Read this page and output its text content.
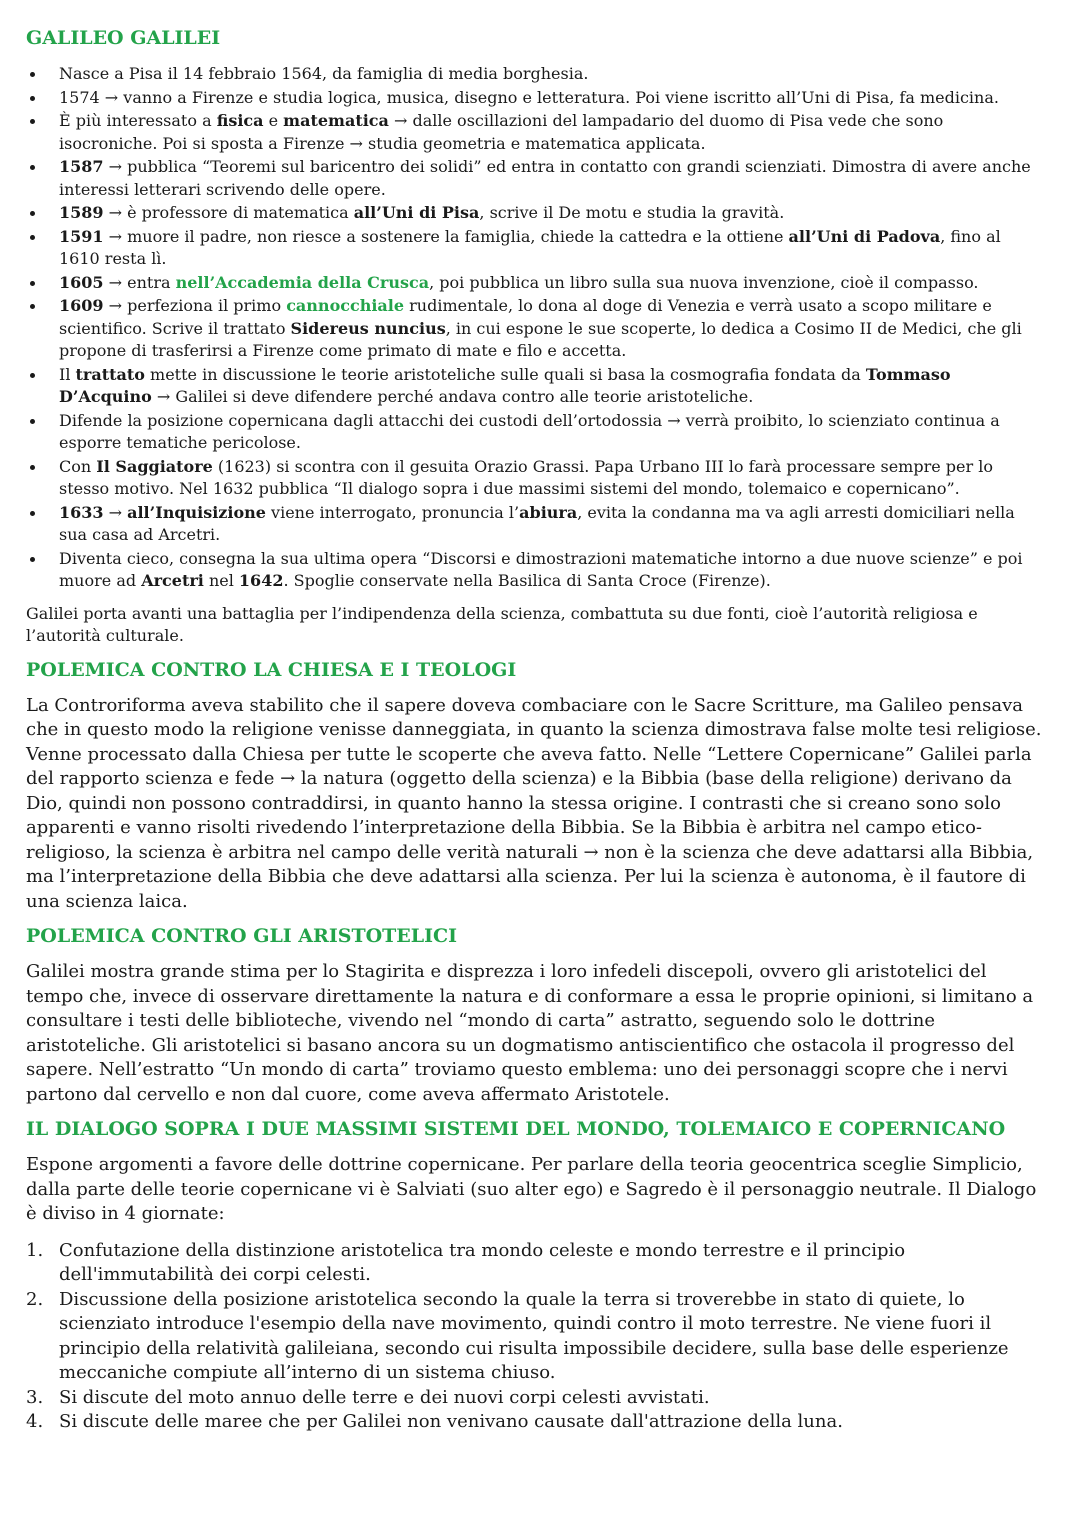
GALILEO GALILEI
Nasce a Pisa il 14 febbraio 1564, da famiglia di media borghesia.
1574 → vanno a Firenze e studia logica, musica, disegno e letteratura. Poi viene iscritto all’Uni di Pisa, fa medicina.
È più interessato a fisica e matematica → dalle oscillazioni del lampadario del duomo di Pisa vede che sono isocroniche. Poi si sposta a Firenze → studia geometria e matematica applicata.
1587 → pubblica “Teoremi sul baricentro dei solidi” ed entra in contatto con grandi scienziati. Dimostra di avere anche interessi letterari scrivendo delle opere.
1589 → è professore di matematica all’Uni di Pisa, scrive il De motu e studia la gravità.
1591 → muore il padre, non riesce a sostenere la famiglia, chiede la cattedra e la ottiene all’Uni di Padova, fino al 1610 resta lì.
1605 → entra nell’Accademia della Crusca, poi pubblica un libro sulla sua nuova invenzione, cioè il compasso.
1609 → perfeziona il primo cannocchiale rudimentale, lo dona al doge di Venezia e verrà usato a scopo militare e scientifico. Scrive il trattato Sidereus nuncius, in cui espone le sue scoperte, lo dedica a Cosimo II de Medici, che gli propone di trasferirsi a Firenze come primato di mate e filo e accetta.
Il trattato mette in discussione le teorie aristoteliche sulle quali si basa la cosmografia fondata da Tommaso D’Acquino → Galilei si deve difendere perché andava contro alle teorie aristoteliche.
Difende la posizione copernicana dagli attacchi dei custodi dell’ortodossia → verrà proibito, lo scienziato continua a esporre tematiche pericolose.
Con Il Saggiatore (1623) si scontra con il gesuita Orazio Grassi. Papa Urbano III lo farà processare sempre per lo stesso motivo. Nel 1632 pubblica “Il dialogo sopra i due massimi sistemi del mondo, tolemaico e copernicano”.
1633 → all’Inquisizione viene interrogato, pronuncia l’abiura, evita la condanna ma va agli arresti domiciliari nella sua casa ad Arcetri.
Diventa cieco, consegna la sua ultima opera “Discorsi e dimostrazioni matematiche intorno a due nuove scienze” e poi muore ad Arcetri nel 1642. Spoglie conservate nella Basilica di Santa Croce (Firenze).

Galilei porta avanti una battaglia per l’indipendenza della scienza, combattuta su due fonti, cioè l’autorità religiosa e l’autorità culturale.

POLEMICA CONTRO LA CHIESA E I TEOLOGI

La Controriforma aveva stabilito che il sapere doveva combaciare con le Sacre Scritture, ma Galileo pensava che in questo modo la religione venisse danneggiata, in quanto la scienza dimostrava false molte tesi religiose. Venne processato dalla Chiesa per tutte le scoperte che aveva fatto. Nelle “Lettere Copernicane” Galilei parla del rapporto scienza e fede → la natura (oggetto della scienza) e la Bibbia (base della religione) derivano da Dio, quindi non possono contraddirsi, in quanto hanno la stessa origine. I contrasti che si creano sono solo apparenti e vanno risolti rivedendo l’interpretazione della Bibbia. Se la Bibbia è arbitra nel campo etico-religioso, la scienza è arbitra nel campo delle verità naturali → non è la scienza che deve adattarsi alla Bibbia, ma l’interpretazione della Bibbia che deve adattarsi alla scienza. Per lui la scienza è autonoma, è il fautore di una scienza laica.

POLEMICA CONTRO GLI ARISTOTELICI

Galilei mostra grande stima per lo Stagirita e disprezza i loro infedeli discepoli, ovvero gli aristotelici del tempo che, invece di osservare direttamente la natura e di conformare a essa le proprie opinioni, si limitano a consultare i testi delle biblioteche, vivendo nel “mondo di carta” astratto, seguendo solo le dottrine aristoteliche. Gli aristotelici si basano ancora su un dogmatismo antiscientifico che ostacola il progresso del sapere. Nell’estratto “Un mondo di carta” troviamo questo emblema: uno dei personaggi scopre che i nervi partono dal cervello e non dal cuore, come aveva affermato Aristotele.

IL DIALOGO SOPRA I DUE MASSIMI SISTEMI DEL MONDO, TOLEMAICO E COPERNICANO

Espone argomenti a favore delle dottrine copernicane. Per parlare della teoria geocentrica sceglie Simplicio, dalla parte delle teorie copernicane vi è Salviati (suo alter ego) e Sagredo è il personaggio neutrale. Il Dialogo è diviso in 4 giornate:

1. Confutazione della distinzione aristotelica tra mondo celeste e mondo terrestre e il principio dell'immutabilità dei corpi celesti.
2. Discussione della posizione aristotelica secondo la quale la terra si troverebbe in stato di quiete, lo scienziato introduce l'esempio della nave movimento, quindi contro il moto terrestre. Ne viene fuori il principio della relatività galileiana, secondo cui risulta impossibile decidere, sulla base delle esperienze meccaniche compiute all’interno di un sistema chiuso.
3. Si discute del moto annuo delle terre e dei nuovi corpi celesti avvistati.
4. Si discute delle maree che per Galilei non venivano causate dall'attrazione della luna.
